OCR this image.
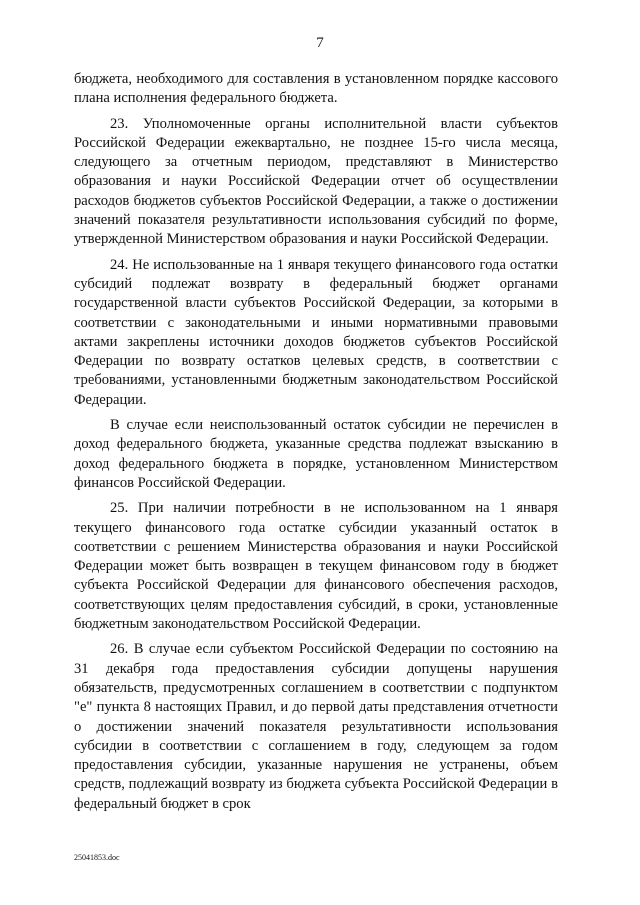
7

бюджета, необходимого для составления в установленном порядке кассового плана исполнения федерального бюджета.

23. Уполномоченные органы исполнительной власти субъектов Российской Федерации ежеквартально, не позднее 15-го числа месяца, следующего за отчетным периодом, представляют в Министерство образования и науки Российской Федерации отчет об осуществлении расходов бюджетов субъектов Российской Федерации, а также о достижении значений показателя результативности использования субсидий по форме, утвержденной Министерством образования и науки Российской Федерации.

24. Не использованные на 1 января текущего финансового года остатки субсидий подлежат возврату в федеральный бюджет органами государственной власти субъектов Российской Федерации, за которыми в соответствии с законодательными и иными нормативными правовыми актами закреплены источники доходов бюджетов субъектов Российской Федерации по возврату остатков целевых средств, в соответствии с требованиями, установленными бюджетным законодательством Российской Федерации.

В случае если неиспользованный остаток субсидии не перечислен в доход федерального бюджета, указанные средства подлежат взысканию в доход федерального бюджета в порядке, установленном Министерством финансов Российской Федерации.

25. При наличии потребности в не использованном на 1 января текущего финансового года остатке субсидии указанный остаток в соответствии с решением Министерства образования и науки Российской Федерации может быть возвращен в текущем финансовом году в бюджет субъекта Российской Федерации для финансового обеспечения расходов, соответствующих целям предоставления субсидий, в сроки, установленные бюджетным законодательством Российской Федерации.

26. В случае если субъектом Российской Федерации по состоянию на 31 декабря года предоставления субсидии допущены нарушения обязательств, предусмотренных соглашением в соответствии с подпунктом "е" пункта 8 настоящих Правил, и до первой даты представления отчетности о достижении значений показателя результативности использования субсидии в соответствии с соглашением в году, следующем за годом предоставления субсидии, указанные нарушения не устранены, объем средств, подлежащий возврату из бюджета субъекта Российской Федерации в федеральный бюджет в срок

25041853.doc
